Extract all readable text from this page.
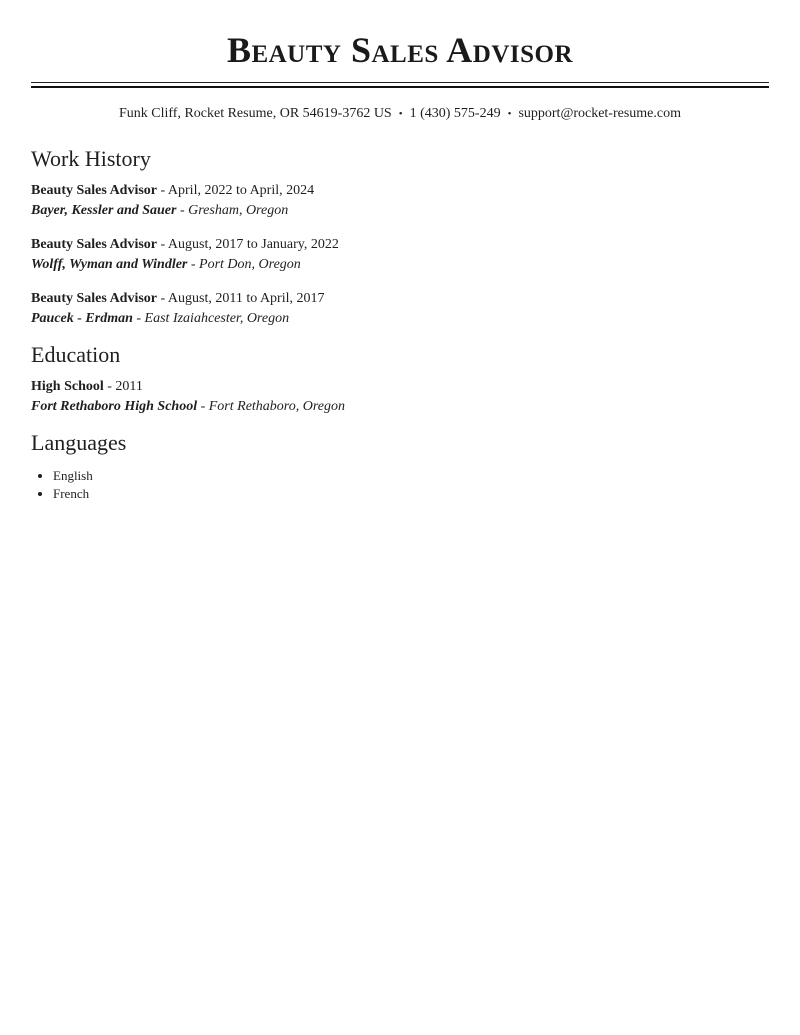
Beauty Sales Advisor
Funk Cliff, Rocket Resume, OR 54619-3762 US • 1 (430) 575-249 • support@rocket-resume.com
Work History
Beauty Sales Advisor - April, 2022 to April, 2024
Bayer, Kessler and Sauer - Gresham, Oregon
Beauty Sales Advisor - August, 2017 to January, 2022
Wolff, Wyman and Windler - Port Don, Oregon
Beauty Sales Advisor - August, 2011 to April, 2017
Paucek - Erdman - East Izaiahcester, Oregon
Education
High School - 2011
Fort Rethaboro High School - Fort Rethaboro, Oregon
Languages
• English
• French
